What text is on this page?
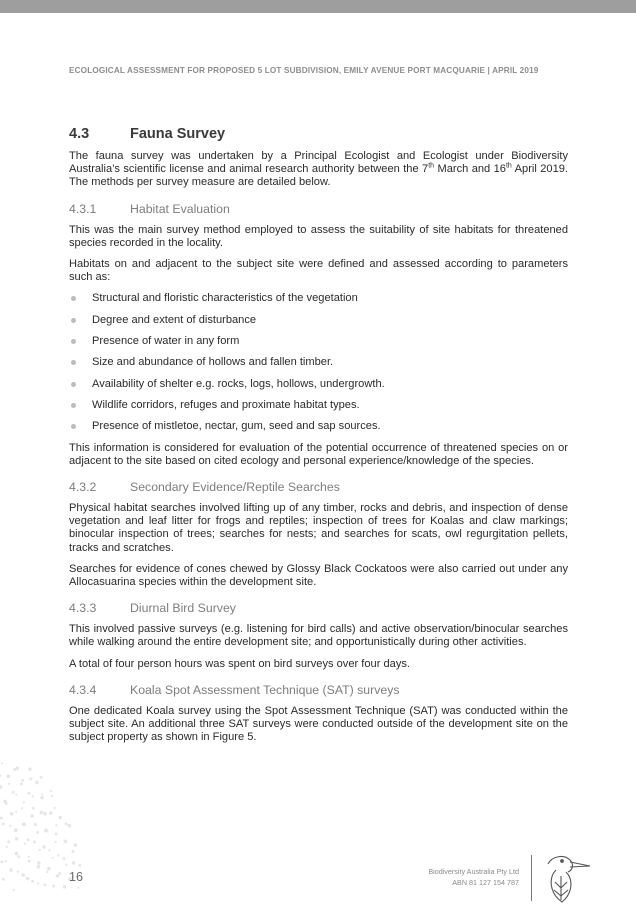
ECOLOGICAL ASSESSMENT FOR PROPOSED 5 LOT SUBDIVISION, EMILY AVENUE PORT MACQUARIE | APRIL 2019
4.3	Fauna Survey

The fauna survey was undertaken by a Principal Ecologist and Ecologist under Biodiversity Australia’s scientific license and animal research authority between the 7th March and 16th April 2019. The methods per survey measure are detailed below.

4.3.1	Habitat Evaluation

This was the main survey method employed to assess the suitability of site habitats for threatened species recorded in the locality.

Habitats on and adjacent to the subject site were defined and assessed according to parameters such as:

Structural and floristic characteristics of the vegetation
Degree and extent of disturbance
Presence of water in any form
Size and abundance of hollows and fallen timber.
Availability of shelter e.g. rocks, logs, hollows, undergrowth.
Wildlife corridors, refuges and proximate habitat types.
Presence of mistletoe, nectar, gum, seed and sap sources.

This information is considered for evaluation of the potential occurrence of threatened species on or adjacent to the site based on cited ecology and personal experience/knowledge of the species.

4.3.2	Secondary Evidence/Reptile Searches

Physical habitat searches involved lifting up of any timber, rocks and debris, and inspection of dense vegetation and leaf litter for frogs and reptiles; inspection of trees for Koalas and claw markings; binocular inspection of trees; searches for nests; and searches for scats, owl regurgitation pellets, tracks and scratches.

Searches for evidence of cones chewed by Glossy Black Cockatoos were also carried out under any Allocasuarina species within the development site.

4.3.3	Diurnal Bird Survey

This involved passive surveys (e.g. listening for bird calls) and active observation/binocular searches while walking around the entire development site; and opportunistically during other activities.

A total of four person hours was spent on bird surveys over four days.

4.3.4	Koala Spot Assessment Technique (SAT) surveys

One dedicated Koala survey using the Spot Assessment Technique (SAT) was conducted within the subject site. An additional three SAT surveys were conducted outside of the development site on the subject property as shown in Figure 5.

16	Biodiversity Australia Pty Ltd
ABN 81 127 154 787
